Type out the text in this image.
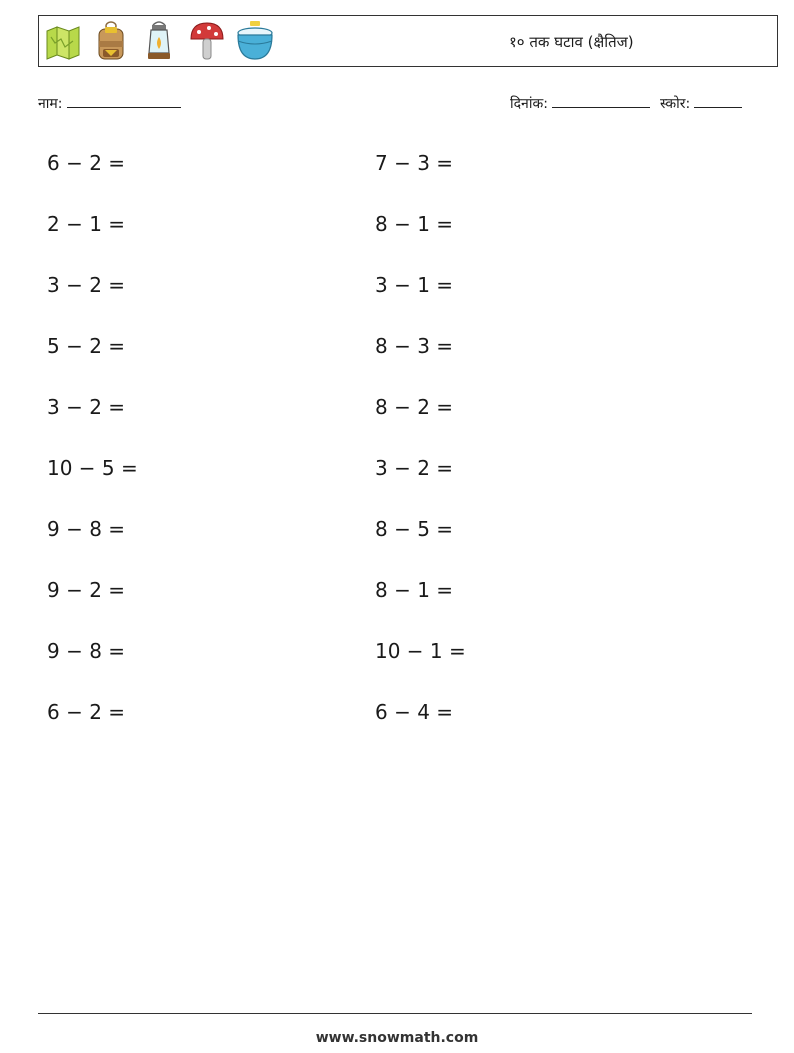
१० तक घटाव (क्षैतिज)
नाम:	दिनांक:	स्कोर:
6 − 2 =
2 − 1 =
3 − 2 =
5 − 2 =
3 − 2 =
10 − 5 =
9 − 8 =
9 − 2 =
9 − 8 =
6 − 2 =
7 − 3 =
8 − 1 =
3 − 1 =
8 − 3 =
8 − 2 =
3 − 2 =
8 − 5 =
8 − 1 =
10 − 1 =
6 − 4 =
www.snowmath.com
